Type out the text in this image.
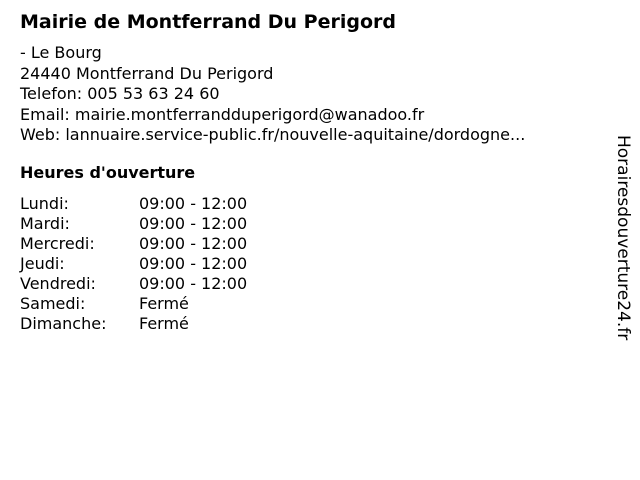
Mairie de Montferrand Du Perigord
- Le Bourg
24440 Montferrand Du Perigord
Telefon: 005 53 63 24 60
Email: mairie.montferrandduperigord@wanadoo.fr
Web: lannuaire.service-public.fr/nouvelle-aquitaine/dordogne...
Heures d'ouverture
Lundi:	09:00 - 12:00
Mardi:	09:00 - 12:00
Mercredi:	09:00 - 12:00
Jeudi:	09:00 - 12:00
Vendredi:	09:00 - 12:00
Samedi:	Fermé
Dimanche:	Fermé	Horairesdouverture24.fr
